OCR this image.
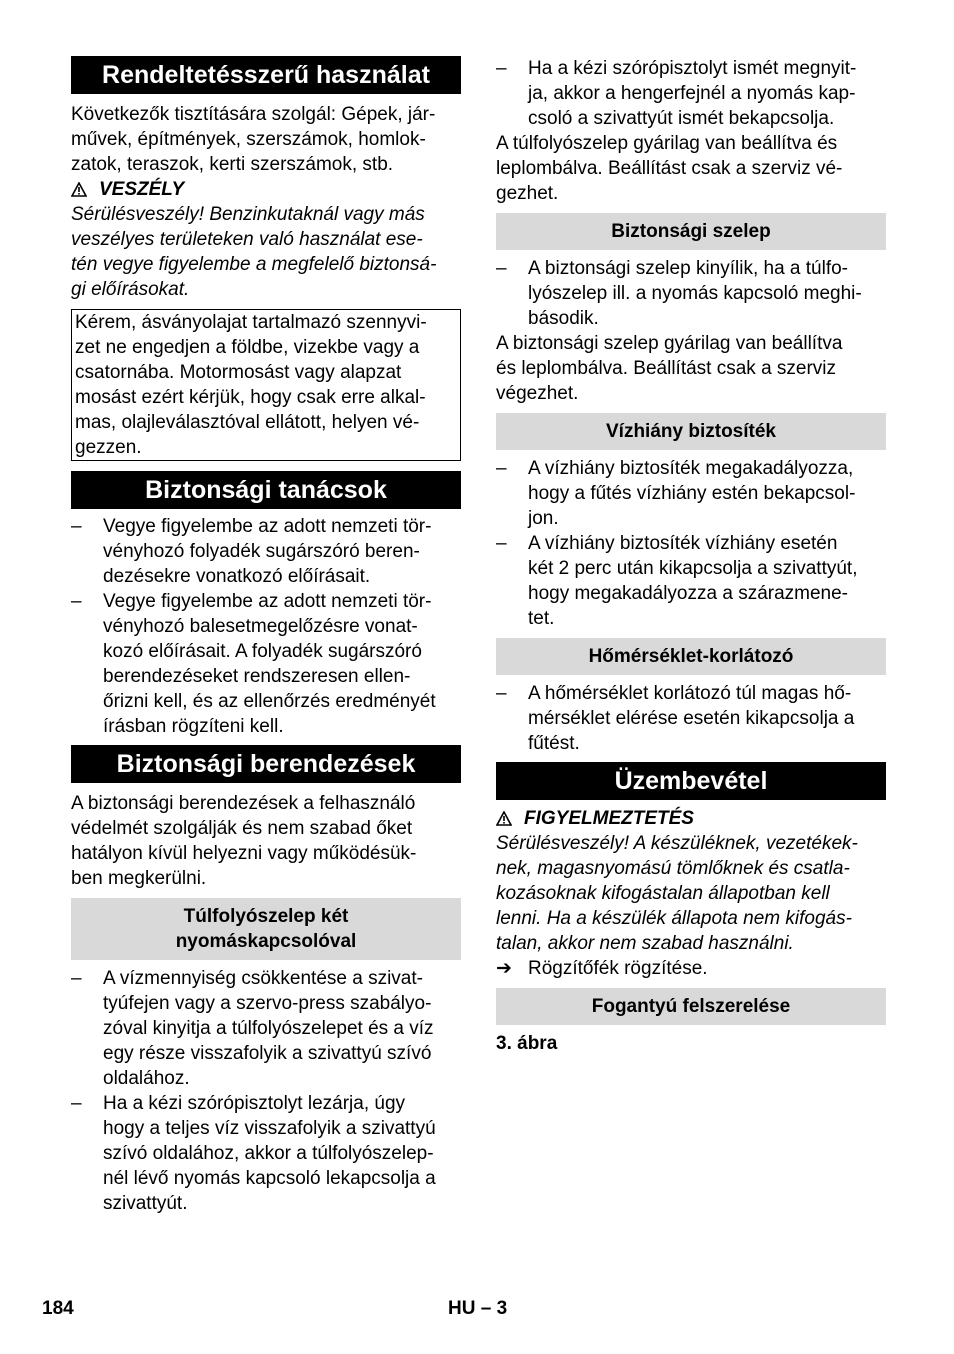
Rendeltetésszerű használat

Következők tisztítására szolgál: Gépek, jár-
művek, építmények, szerszámok, homlok-
zatok, teraszok, kerti szerszámok, stb.

VESZÉLY

Sérülésveszély! Benzinkutaknál vagy más
veszélyes területeken való használat ese-
tén vegye figyelembe a megfelelő biztonsá-
gi előírásokat.

Kérem, ásványolajat tartalmazó szennyvi-
zet ne engedjen a földbe, vizekbe vagy a
csatornába. Motormosást vagy alapzat
mosást ezért kérjük, hogy csak erre alkal-
mas, olajleválasztóval ellátott, helyen vé-
gezzen.
Biztonsági tanácsok
–	Vegye figyelembe az adott nemzeti tör-
vényhozó folyadék sugárszóró beren-
dezésekre vonatkozó előírásait.
–	Vegye figyelembe az adott nemzeti tör-
vényhozó balesetmegelőzésre vonat-
kozó előírásait. A folyadék sugárszóró
berendezéseket rendszeresen ellen-
őrizni kell, és az ellenőrzés eredményét
írásban rögzíteni kell.
Biztonsági berendezések

A biztonsági berendezések a felhasználó
védelmét szolgálják és nem szabad őket
hatályon kívül helyezni vagy működésük-
ben megkerülni.

Túlfolyószelep két
nyomáskapcsolóval
–	A vízmennyiség csökkentése a szivat-
tyúfejen vagy a szervo-press szabályo-
zóval kinyitja a túlfolyószelepet és a víz
egy része visszafolyik a szivattyú szívó
oldalához.
–	Ha a kézi szórópisztolyt lezárja, úgy
hogy a teljes víz visszafolyik a szivattyú
szívó oldalához, akkor a túlfolyószelep-
nél lévő nyomás kapcsoló lekapcsolja a
szivattyút.
–	Ha a kézi szórópisztolyt ismét megnyit-
ja, akkor a hengerfejnél a nyomás kap-
csoló a szivattyút ismét bekapcsolja.

A túlfolyószelep gyárilag van beállítva és
leplombálva. Beállítást csak a szerviz vé-
gezhet.

Biztonsági szelep
–	A biztonsági szelep kinyílik, ha a túlfo-
lyószelep ill. a nyomás kapcsoló meghi-
básodik.

A biztonsági szelep gyárilag van beállítva
és leplombálva. Beállítást csak a szerviz
végezhet.

Vízhiány biztosíték
–	A vízhiány biztosíték megakadályozza,
hogy a fűtés vízhiány estén bekapcsol-
jon.
–	A vízhiány biztosíték vízhiány esetén
két 2 perc után kikapcsolja a szivattyút,
hogy megakadályozza a szárazmene-
tet.
Hőmérséklet-korlátozó
–	A hőmérséklet korlátozó túl magas hő-
mérséklet elérése esetén kikapcsolja a
fűtést.
Üzembevétel
FIGYELMEZTETÉS

Sérülésveszély! A készüléknek, vezetékek-
nek, magasnyomású tömlőknek és csatla-
kozásoknak kifogástalan állapotban kell
lenni. Ha a készülék állapota nem kifogás-
talan, akkor nem szabad használni.

➔ Rögzítőfék rögzítése.
Fogantyú felszerelése
3. ábra
184	HU – 3
